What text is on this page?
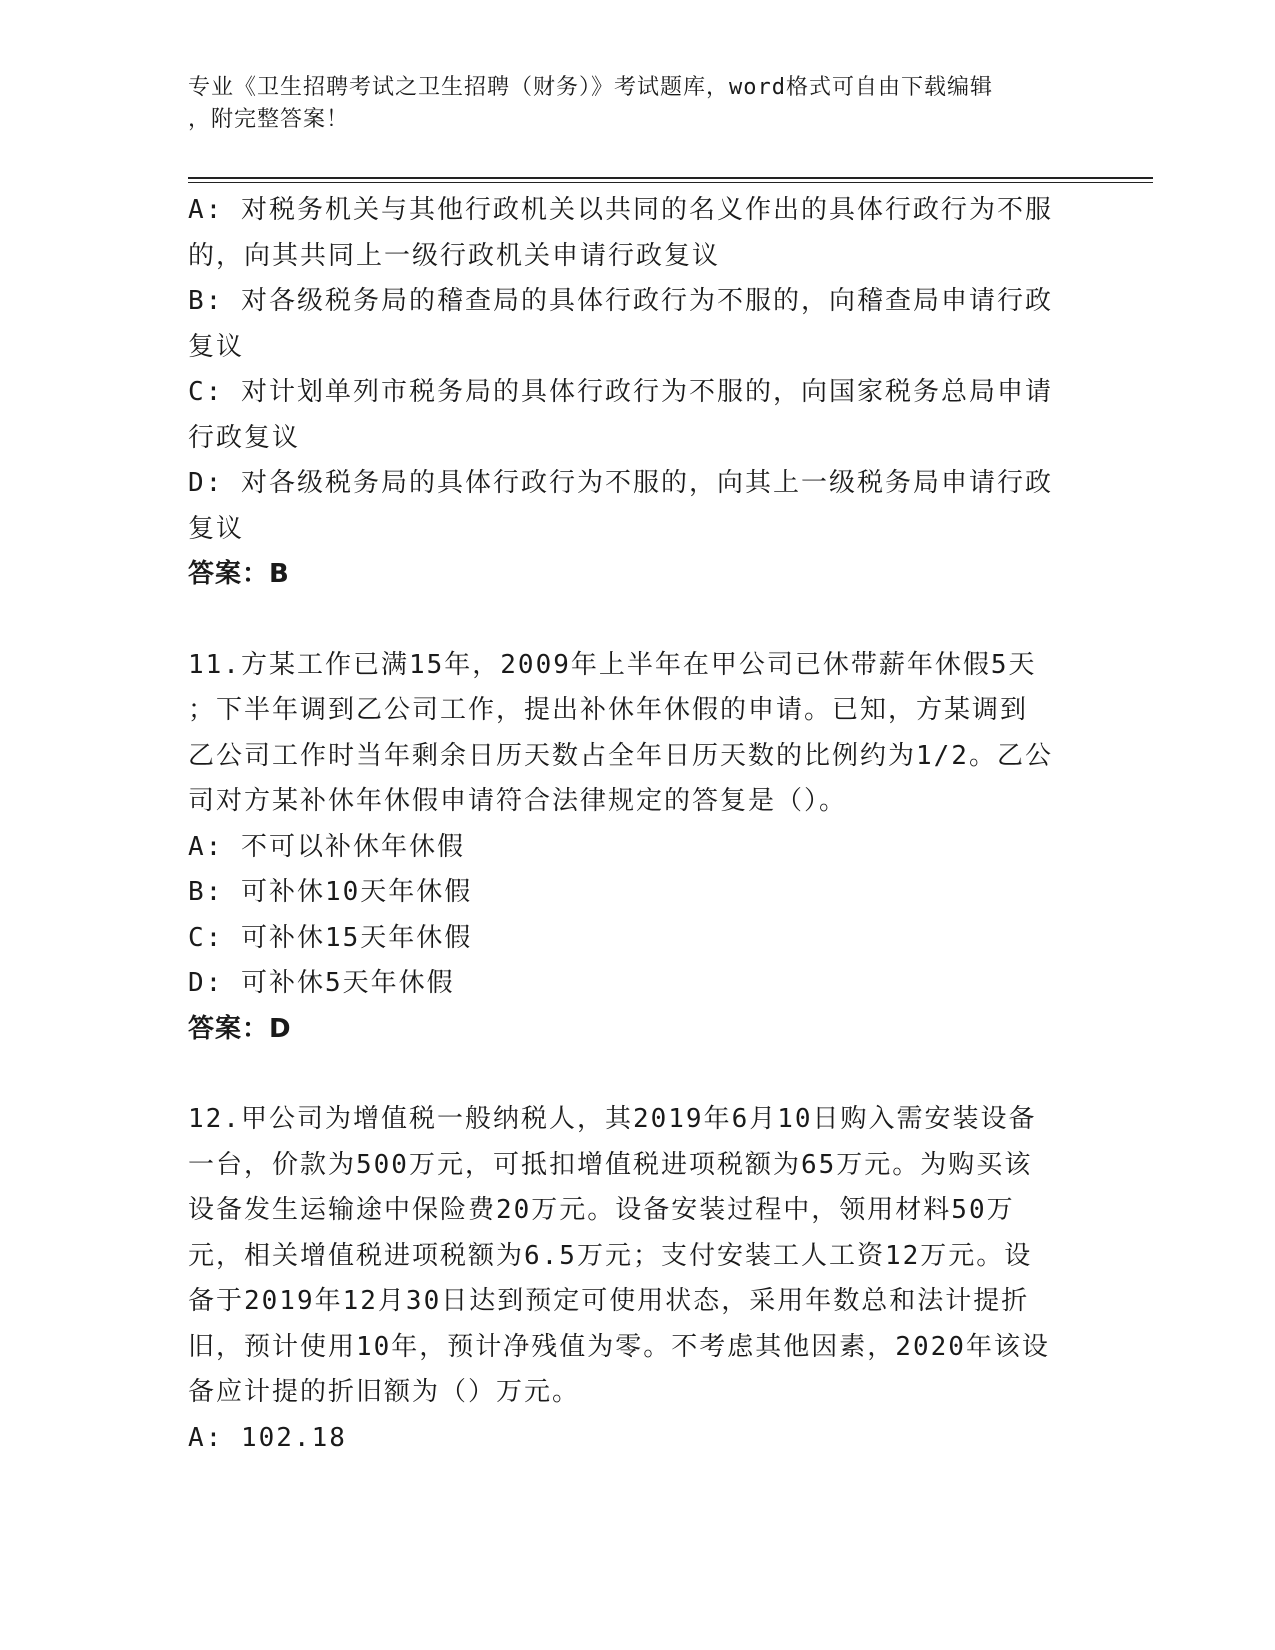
专业《卫生招聘考试之卫生招聘（财务）》考试题库，word格式可自由下载编辑
，附完整答案！

A: 对税务机关与其他行政机关以共同的名义作出的具体行政行为不服

的，向其共同上一级行政机关申请行政复议

B: 对各级税务局的稽查局的具体行政行为不服的，向稽查局申请行政

复议

C: 对计划单列市税务局的具体行政行为不服的，向国家税务总局申请

行政复议

D: 对各级税务局的具体行政行为不服的，向其上一级税务局申请行政

复议

答案：B

11.方某工作已满15年，2009年上半年在甲公司已休带薪年休假5天

；下半年调到乙公司工作，提出补休年休假的申请。已知，方某调到

乙公司工作时当年剩余日历天数占全年日历天数的比例约为1/2。乙公

司对方某补休年休假申请符合法律规定的答复是（）。

A: 不可以补休年休假

B: 可补休10天年休假

C: 可补休15天年休假

D: 可补休5天年休假

答案：D

12.甲公司为增值税一般纳税人，其2019年6月10日购入需安装设备

一台，价款为500万元，可抵扣增值税进项税额为65万元。为购买该

设备发生运输途中保险费20万元。设备安装过程中，领用材料50万

元，相关增值税进项税额为6.5万元；支付安装工人工资12万元。设

备于2019年12月30日达到预定可使用状态，采用年数总和法计提折

旧，预计使用10年，预计净残值为零。不考虑其他因素，2020年该设

备应计提的折旧额为（）万元。

A: 102.18
